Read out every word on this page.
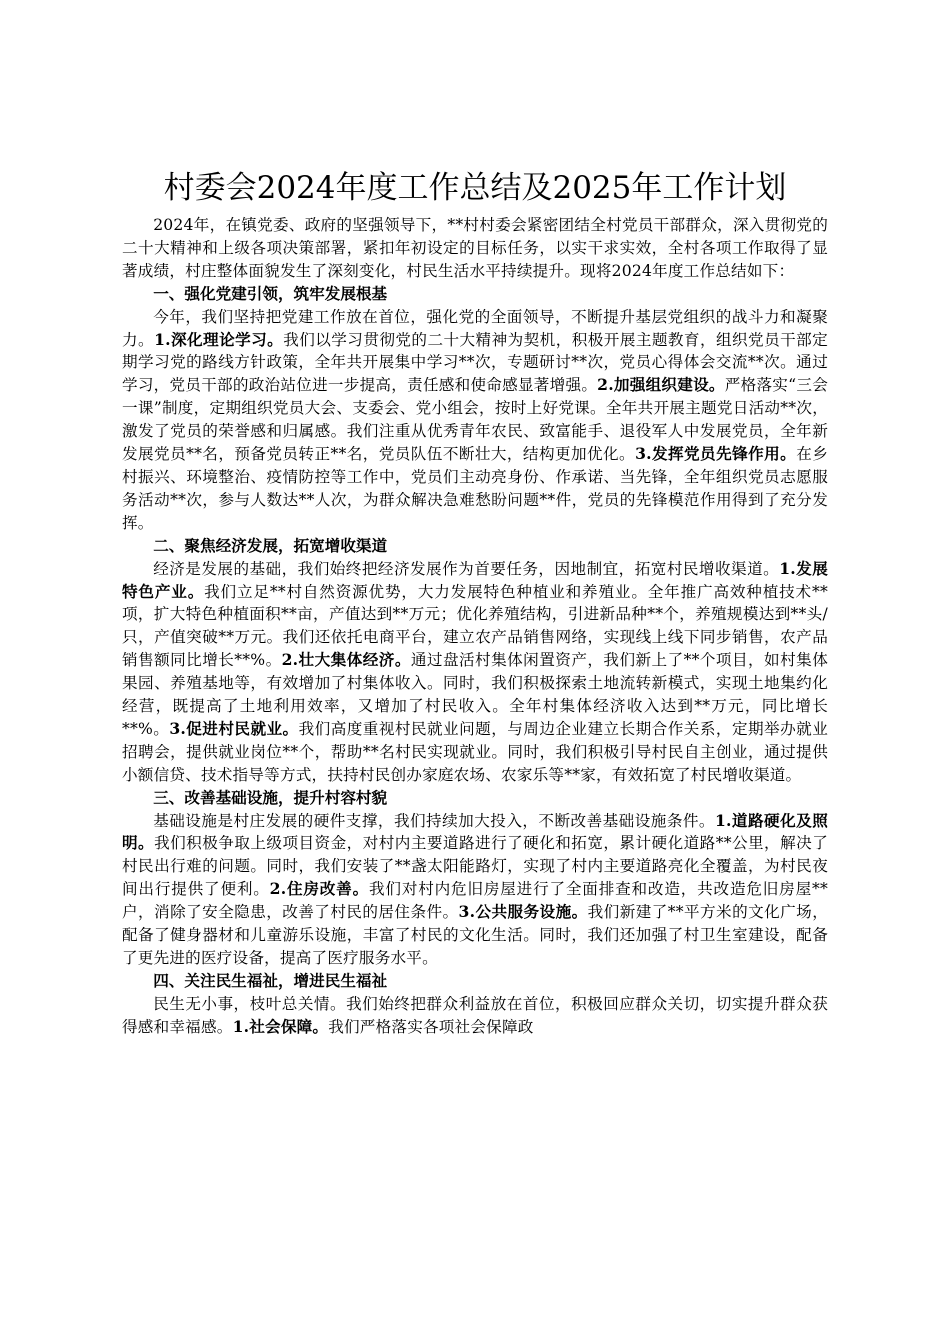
村委会2024年度工作总结及2025年工作计划

2024年，在镇党委、政府的坚强领导下，**村村委会紧密团结全村党员干部群众，深入贯彻党的二十大精神和上级各项决策部署，紧扣年初设定的目标任务，以实干求实效，全村各项工作取得了显著成绩，村庄整体面貌发生了深刻变化，村民生活水平持续提升。现将2024年度工作总结如下：

一、强化党建引领，筑牢发展根基

今年，我们坚持把党建工作放在首位，强化党的全面领导，不断提升基层党组织的战斗力和凝聚力。1.深化理论学习。我们以学习贯彻党的二十大精神为契机，积极开展主题教育，组织党员干部定期学习党的路线方针政策，全年共开展集中学习**次，专题研讨**次，党员心得体会交流**次。通过学习，党员干部的政治站位进一步提高，责任感和使命感显著增强。2.加强组织建设。严格落实“三会一课”制度，定期组织党员大会、支委会、党小组会，按时上好党课。全年共开展主题党日活动**次，激发了党员的荣誉感和归属感。我们注重从优秀青年农民、致富能手、退役军人中发展党员，全年新发展党员**名，预备党员转正**名，党员队伍不断壮大，结构更加优化。3.发挥党员先锋作用。在乡村振兴、环境整治、疫情防控等工作中，党员们主动亮身份、作承诺、当先锋，全年组织党员志愿服务活动**次，参与人数达**人次，为群众解决急难愁盼问题**件，党员的先锋模范作用得到了充分发挥。

二、聚焦经济发展，拓宽增收渠道

经济是发展的基础，我们始终把经济发展作为首要任务，因地制宜，拓宽村民增收渠道。1.发展特色产业。我们立足**村自然资源优势，大力发展特色种植业和养殖业。全年推广高效种植技术**项，扩大特色种植面积**亩，产值达到**万元；优化养殖结构，引进新品种**个，养殖规模达到**头/只，产值突破**万元。我们还依托电商平台，建立农产品销售网络，实现线上线下同步销售，农产品销售额同比增长**%。2.壮大集体经济。通过盘活村集体闲置资产，我们新上了**个项目，如村集体果园、养殖基地等，有效增加了村集体收入。同时，我们积极探索土地流转新模式，实现土地集约化经营，既提高了土地利用效率，又增加了村民收入。全年村集体经济收入达到**万元，同比增长**%。3.促进村民就业。我们高度重视村民就业问题，与周边企业建立长期合作关系，定期举办就业招聘会，提供就业岗位**个，帮助**名村民实现就业。同时，我们积极引导村民自主创业，通过提供小额信贷、技术指导等方式，扶持村民创办家庭农场、农家乐等**家，有效拓宽了村民增收渠道。

三、改善基础设施，提升村容村貌

基础设施是村庄发展的硬件支撑，我们持续加大投入，不断改善基础设施条件。1.道路硬化及照明。我们积极争取上级项目资金，对村内主要道路进行了硬化和拓宽，累计硬化道路**公里，解决了村民出行难的问题。同时，我们安装了**盏太阳能路灯，实现了村内主要道路亮化全覆盖，为村民夜间出行提供了便利。2.住房改善。我们对村内危旧房屋进行了全面排查和改造，共改造危旧房屋**户，消除了安全隐患，改善了村民的居住条件。3.公共服务设施。我们新建了**平方米的文化广场，配备了健身器材和儿童游乐设施，丰富了村民的文化生活。同时，我们还加强了村卫生室建设，配备了更先进的医疗设备，提高了医疗服务水平。

四、关注民生福祉，增进民生福祉

民生无小事，枝叶总关情。我们始终把群众利益放在首位，积极回应群众关切，切实提升群众获得感和幸福感。1.社会保障。我们严格落实各项社会保障政
